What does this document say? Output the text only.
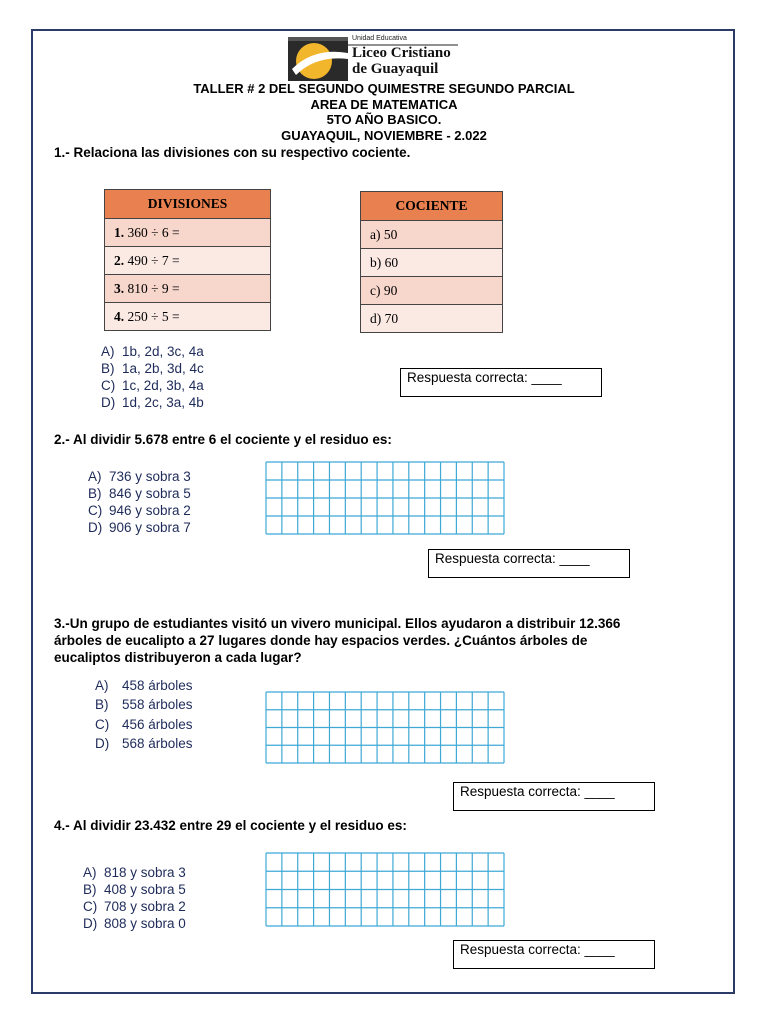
Unidad Educativa
Liceo Cristiano
de Guayaquil
TALLER # 2 DEL SEGUNDO QUIMESTRE SEGUNDO PARCIAL
AREA DE MATEMATICA
5TO AÑO BASICO.
GUAYAQUIL, NOVIEMBRE - 2.022
1.- Relaciona las divisiones con su respectivo cociente.
DIVISIONES
1. 360 ÷ 6 =
2. 490 ÷ 7 =
3. 810 ÷ 9 =
4. 250 ÷ 5 =
COCIENTE
a) 50
b) 60
c) 90
d) 70
A) 1b, 2d, 3c, 4a
B) 1a, 2b, 3d, 4c
C) 1c, 2d, 3b, 4a
D) 1d, 2c, 3a, 4b
Respuesta correcta: ____
2.- Al dividir 5.678 entre 6 el cociente y el residuo es:
A) 736 y sobra 3
B) 846 y sobra 5
C) 946 y sobra 2
D) 906 y sobra 7
Respuesta correcta: ____
3.-Un grupo de estudiantes visitó un vivero municipal. Ellos ayudaron a distribuir 12.366
árboles de eucalipto a 27 lugares donde hay espacios verdes. ¿Cuántos árboles de
eucaliptos distribuyeron a cada lugar?
A) 458 árboles
B) 558 árboles
C) 456 árboles
D) 568 árboles
Respuesta correcta: ____
4.- Al dividir 23.432 entre 29 el cociente y el residuo es:
A) 818 y sobra 3
B) 408 y sobra 5
C) 708 y sobra 2
D) 808 y sobra 0
Respuesta correcta: ____
